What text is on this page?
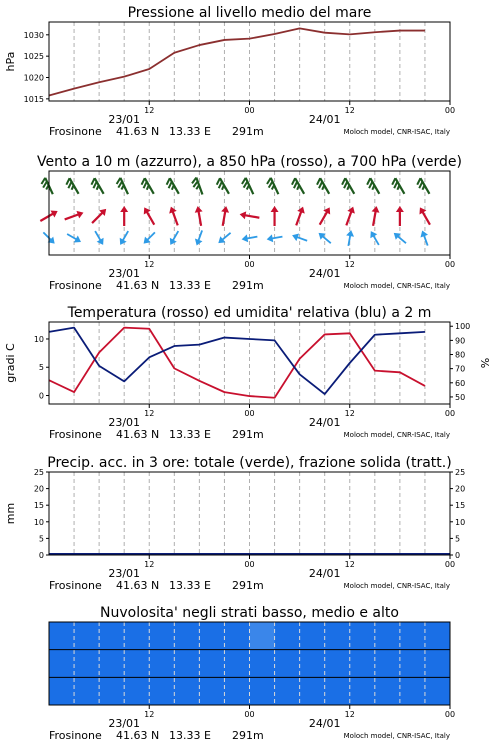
Pressione al livello medio del mare
1015
1020
1025
1030
hPa
12	00	12	00
23/01	24/01
Frosinone 41.63 N 13.33 E 291m	Moloch model, CNR-ISAC, Italy
Vento a 10 m (azzurro), a 850 hPa (rosso), a 700 hPa (verde)
12	00	12	00
23/01	24/01
Frosinone 41.63 N 13.33 E 291m	Moloch model, CNR-ISAC, Italy
Temperatura (rosso) ed umidita' relativa (blu) a 2 m
0
5
10
50
60
70
80
90
100
gradi C	%
12	00	12	00
23/01	24/01
Frosinone 41.63 N 13.33 E 291m	Moloch model, CNR-ISAC, Italy
Precip. acc. in 3 ore: totale (verde), frazione solida (tratt.)
0
5
10
15
20
25
0
5
10
15
20
25
mm
12	00	12	00
23/01	24/01
Frosinone 41.63 N 13.33 E 291m	Moloch model, CNR-ISAC, Italy
Nuvolosita' negli strati basso, medio e alto
12	00	12	00
23/01	24/01
Frosinone 41.63 N 13.33 E 291m	Moloch model, CNR-ISAC, Italy
